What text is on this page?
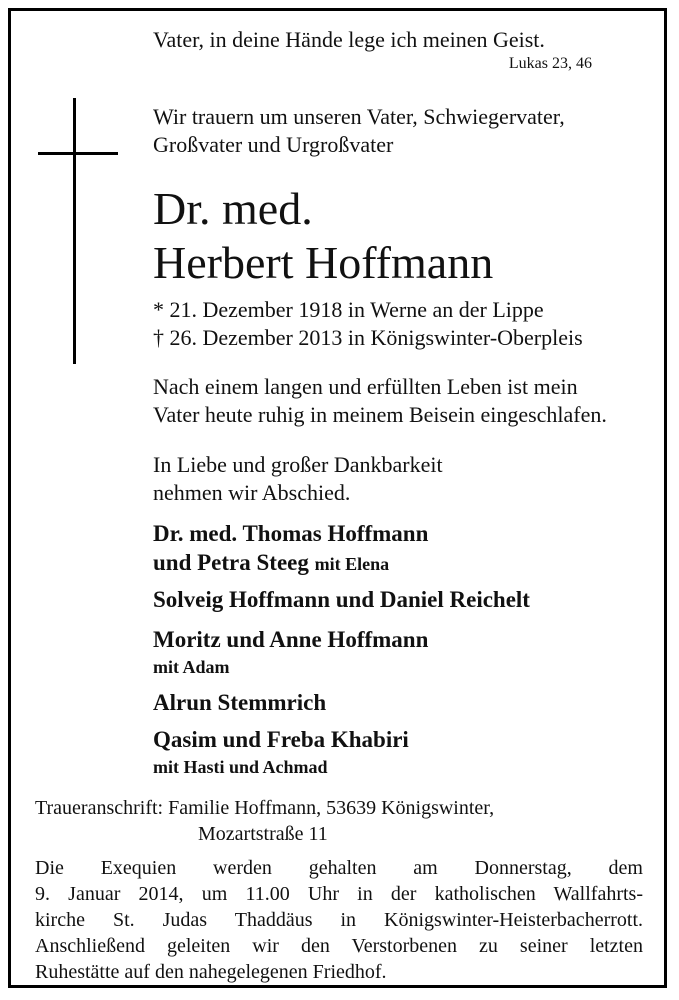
Vater, in deine Hände lege ich meinen Geist.
Lukas 23, 46
Wir trauern um unseren Vater, Schwiegervater,
Großvater und Urgroßvater
Dr. med.
Herbert Hoffmann
* 21. Dezember 1918 in Werne an der Lippe
† 26. Dezember 2013 in Königswinter-Oberpleis
Nach einem langen und erfüllten Leben ist mein
Vater heute ruhig in meinem Beisein eingeschlafen.
In Liebe und großer Dankbarkeit
nehmen wir Abschied.
Dr. med. Thomas Hoffmann
und Petra Steeg mit Elena
Solveig Hoffmann und Daniel Reichelt
Moritz und Anne Hoffmann
mit Adam
Alrun Stemmrich
Qasim und Freba Khabiri
mit Hasti und Achmad
Traueranschrift: Familie Hoffmann, 53639 Königswinter,
Mozartstraße 11
Die Exequien werden gehalten am Donnerstag, dem
9. Januar 2014, um 11.00 Uhr in der katholischen Wallfahrts-
kirche St. Judas Thaddäus in Königswinter-Heisterbacherrott.
Anschließend geleiten wir den Verstorbenen zu seiner letzten
Ruhestätte auf den nahegelegenen Friedhof.
